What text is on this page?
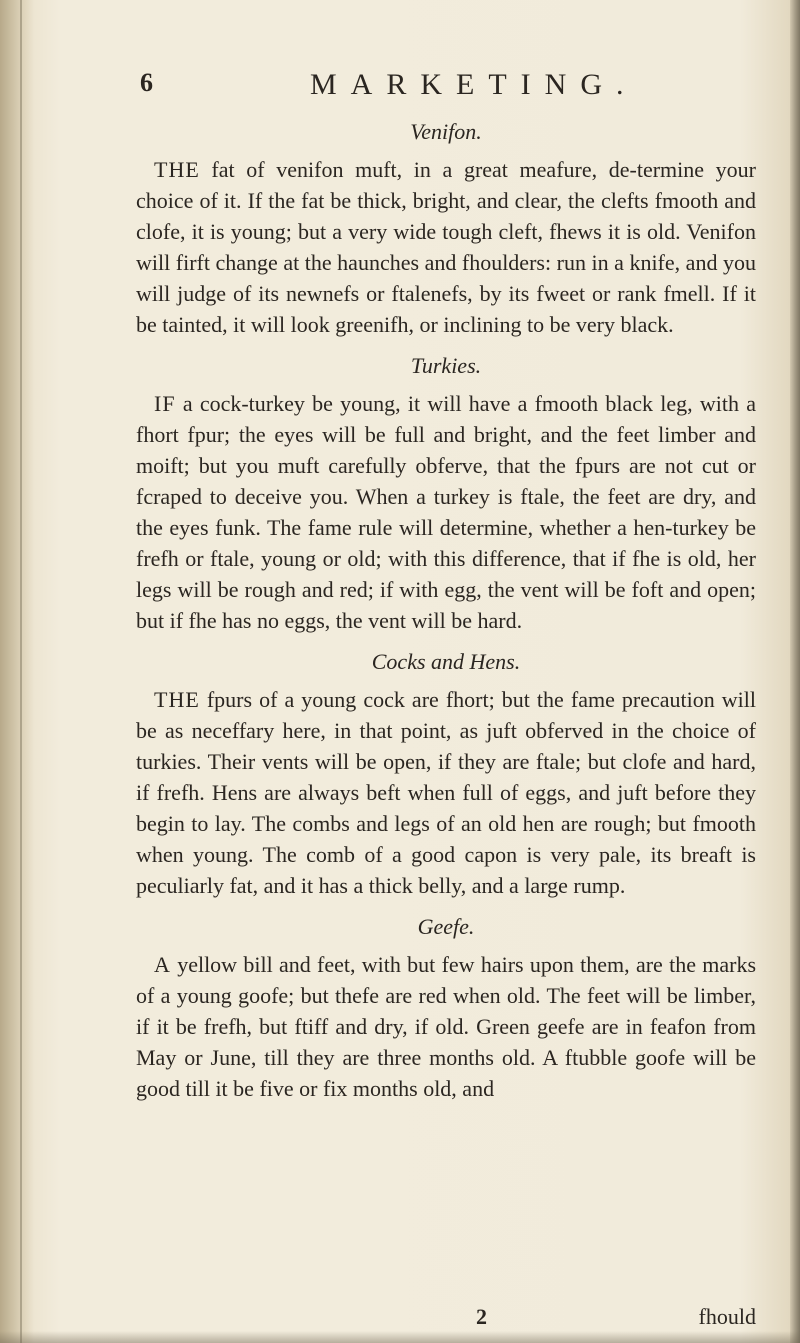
6	MARKETING.
Venifon.

THE fat of venifon muft, in a great meafure, de-termine your choice of it. If the fat be thick, bright, and clear, the clefts fmooth and clofe, it is young; but a very wide tough cleft, fhews it is old. Venifon will firft change at the haunches and fhoulders: run in a knife, and you will judge of its newnefs or ftalenefs, by its fweet or rank fmell. If it be tainted, it will look greenifh, or inclining to be very black.

Turkies.

IF a cock-turkey be young, it will have a fmooth black leg, with a fhort fpur; the eyes will be full and bright, and the feet limber and moift; but you muft carefully obferve, that the fpurs are not cut or fcraped to deceive you. When a turkey is ftale, the feet are dry, and the eyes funk. The fame rule will determine, whether a hen-turkey be frefh or ftale, young or old; with this difference, that if fhe is old, her legs will be rough and red; if with egg, the vent will be foft and open; but if fhe has no eggs, the vent will be hard.

Cocks and Hens.

THE fpurs of a young cock are fhort; but the fame precaution will be as neceffary here, in that point, as juft obferved in the choice of turkies. Their vents will be open, if they are ftale; but clofe and hard, if frefh. Hens are always beft when full of eggs, and juft before they begin to lay. The combs and legs of an old hen are rough; but fmooth when young. The comb of a good capon is very pale, its breaft is peculiarly fat, and it has a thick belly, and a large rump.

Geefe.

A yellow bill and feet, with but few hairs upon them, are the marks of a young goofe; but thefe are red when old. The feet will be limber, if it be frefh, but ftiff and dry, if old. Green geefe are in feafon from May or June, till they are three months old. A ftubble goofe will be good till it be five or fix months old, and

2	fhould
